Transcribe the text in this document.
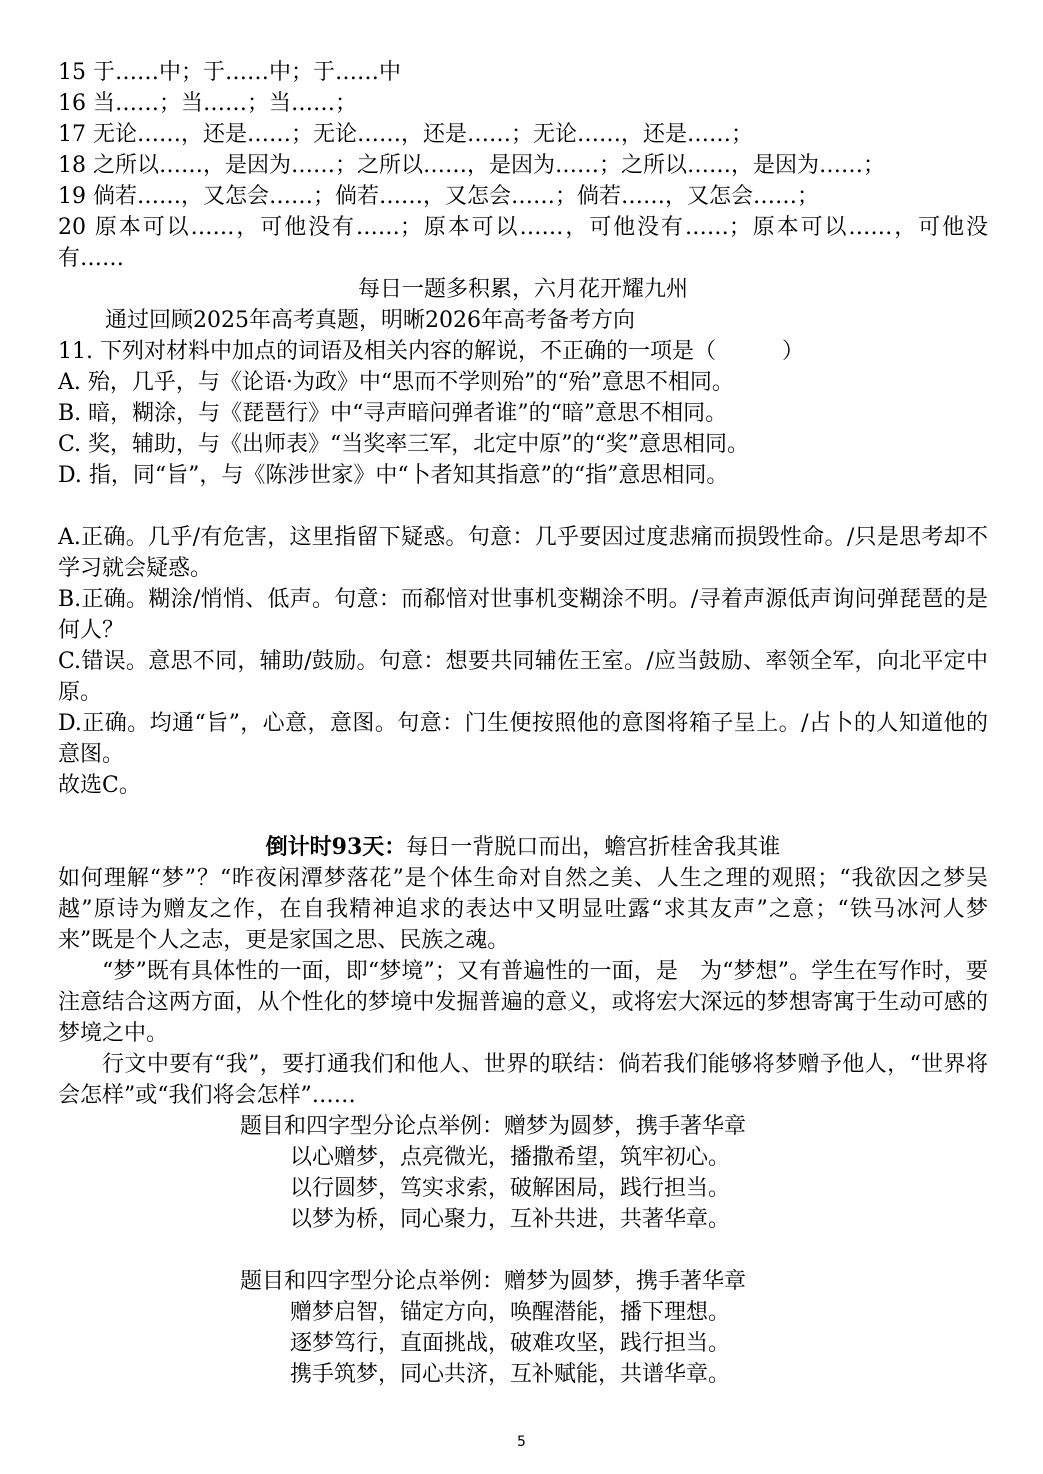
15 于……中；于……中；于……中
16 当……；当……；当……；
17 无论……，还是……；无论……，还是……；无论……，还是……；
18 之所以……，是因为……；之所以……，是因为……；之所以……，是因为……；
19 倘若……，又怎会……；倘若……，又怎会……；倘若……，又怎会……；
20 原本可以……，可他没有……；原本可以……，可他没有……；原本可以……，可他没有……
每日一题多积累，六月花开耀九州
通过回顾2025年高考真题，明晰2026年高考备考方向
11. 下列对材料中加点的词语及相关内容的解说，不正确的一项是（　　　）
A. 殆，几乎，与《论语·为政》中“思而不学则殆”的“殆”意思不相同。
B. 暗，糊涂，与《琵琶行》中“寻声暗问弹者谁”的“暗”意思不相同。
C. 奖，辅助，与《出师表》“当奖率三军，北定中原”的“奖”意思相同。
D. 指，同“旨”，与《陈涉世家》中“卜者知其指意”的“指”意思相同。
A.正确。几乎/有危害，这里指留下疑惑。句意：几乎要因过度悲痛而损毁性命。/只是思考却不学习就会疑惑。
B.正确。糊涂/悄悄、低声。句意：而郗愔对世事机变糊涂不明。/寻着声源低声询问弹琵琶的是何人？
C.错误。意思不同，辅助/鼓励。句意：想要共同辅佐王室。/应当鼓励、率领全军，向北平定中原。
D.正确。均通“旨”，心意，意图。句意：门生便按照他的意图将箱子呈上。/占卜的人知道他的意图。
故选C。
倒计时93天：每日一背脱口而出，蟾宫折桂舍我其谁
如何理解“梦”？“昨夜闲潭梦落花”是个体生命对自然之美、人生之理的观照；“我欲因之梦吴越”原诗为赠友之作，在自我精神追求的表达中又明显吐露“求其友声”之意；“铁马冰河人梦来”既是个人之志，更是家国之思、民族之魂。
“梦”既有具体性的一面，即“梦境”；又有普遍性的一面，是　为“梦想”。学生在写作时，要注意结合这两方面，从个性化的梦境中发掘普遍的意义，或将宏大深远的梦想寄寓于生动可感的梦境之中。
行文中要有“我”，要打通我们和他人、世界的联结：倘若我们能够将梦赠予他人，“世界将会怎样”或“我们将会怎样”……
题目和四字型分论点举例：赠梦为圆梦，携手著华章
以心赠梦，点亮微光，播撒希望，筑牢初心。
以行圆梦，笃实求索，破解困局，践行担当。
以梦为桥，同心聚力，互补共进，共著华章。
题目和四字型分论点举例：赠梦为圆梦，携手著华章
赠梦启智，锚定方向，唤醒潜能，播下理想。
逐梦笃行，直面挑战，破难攻坚，践行担当。
携手筑梦，同心共济，互补赋能，共谱华章。
5
